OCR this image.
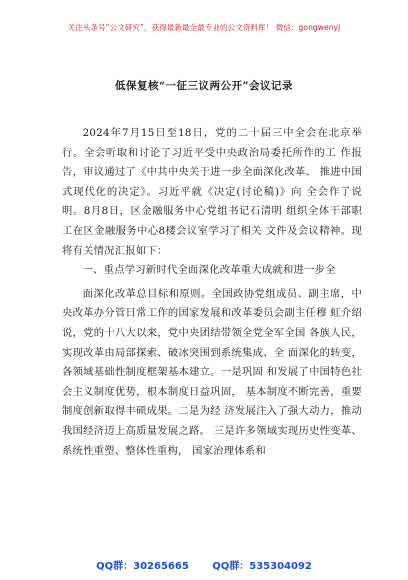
关注头条号“公文研究”，获得最新最全最专业的公文资料库！ 微信：gongwenyj
低保复核“一征三议两公开”会议记录

2024年7月15日至18日，党的二十届三中全会在北京举行。全会听取和讨论了习近平受中央政治局委托所作的工 作报告，审议通过了《中共中央关于进一步全面深化改革、 推进中国式现代化的决定》。习近平就《决定(讨论稿)》向 全会作了说明。8月8日，区金融服务中心党组书记石清明 组织全体干部职工在区金融服务中心8楼会议室学习了相关 文件及会议精神。现将有关情况汇报如下：

一、重点学习新时代全面深化改革重大成就和进一步全

面深化改革总目标和原则。全国政协党组成员、副主席，中 央改革办分管日常工作的国家发展和改革委员会副主任穆 虹介绍说，党的十八大以来，党中央团结带领全党全军全国 各族人民，实现改革由局部探索、破冰突围到系统集成、全 面深化的转变，各领域基础性制度框架基本建立。一是巩固 和发展了中国特色社会主义制度优势，根本制度日益巩固， 基本制度不断完善，重要制度创新取得丰硕成果。二是为经 济发展注入了强大动力，推动我国经济迈上高质量发展之路。 三是许多领域实现历史性变革、系统性重塑、整体性重构， 国家治理体系和

QQ群：30265665 QQ群：535304092
